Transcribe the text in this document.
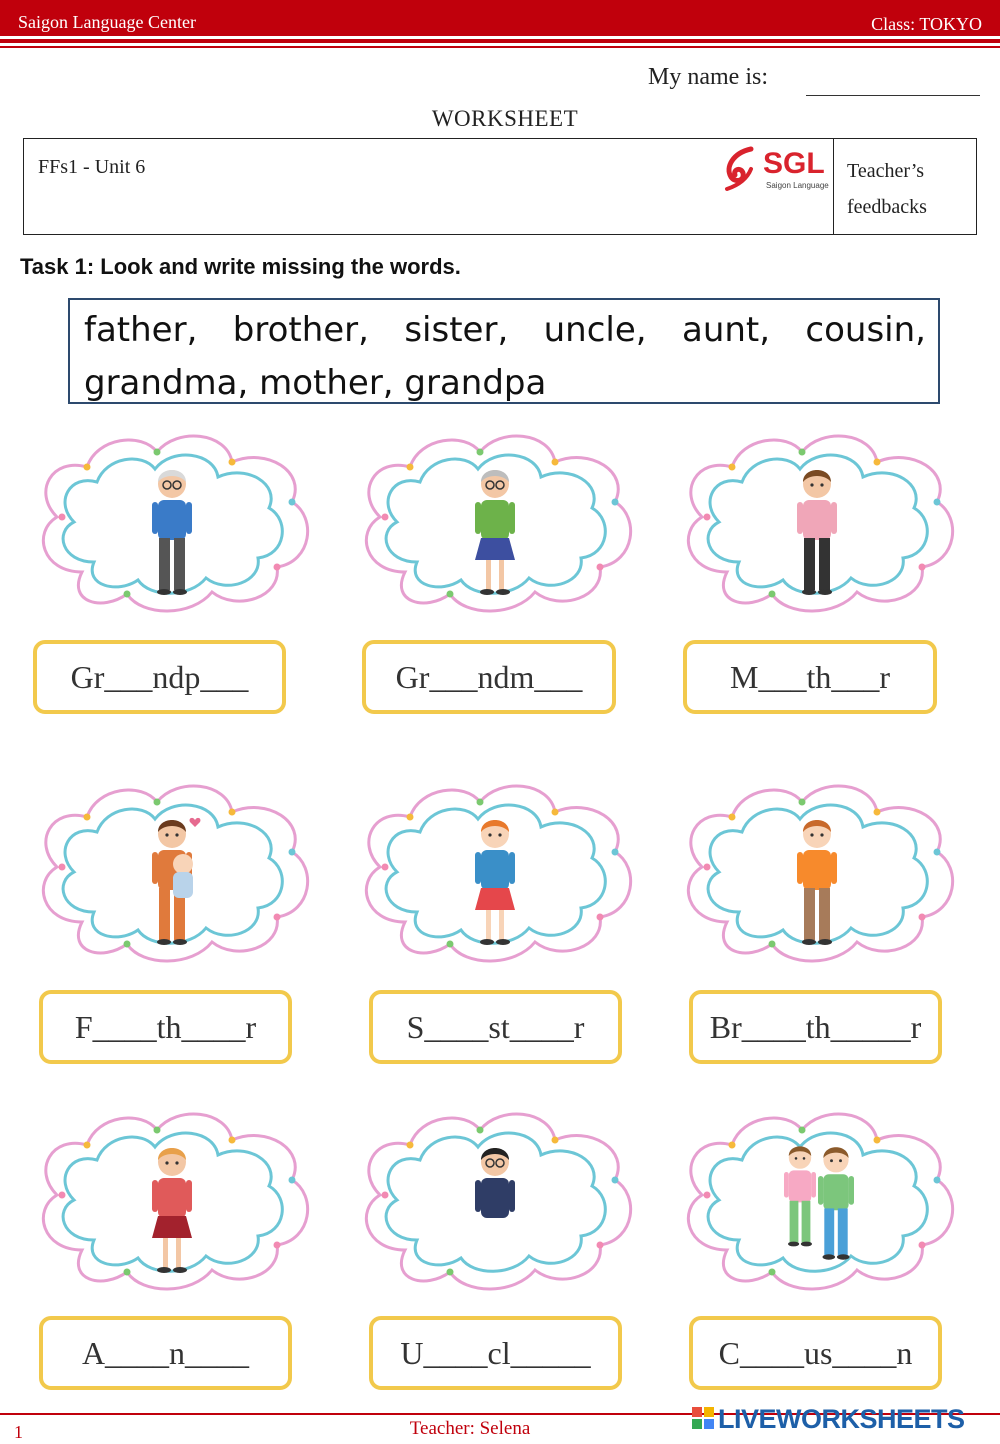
Saigon Language Center	Class: TOKYO
My name is:
WORKSHEET
FFs1 - Unit 6	SGL
Saigon Language
Teacher’s feedbacks
Task 1: Look and write missing the words.
father, brother, sister, uncle, aunt, cousin, grandma, mother, grandpa
Gr___ndp___	Gr___ndm___	M___th___r
F____th____r	S____st____r	Br____th_____r
A____n____	U____cl_____	C____us____n
1	Teacher: Selena	LIVEWORKSHEETS
